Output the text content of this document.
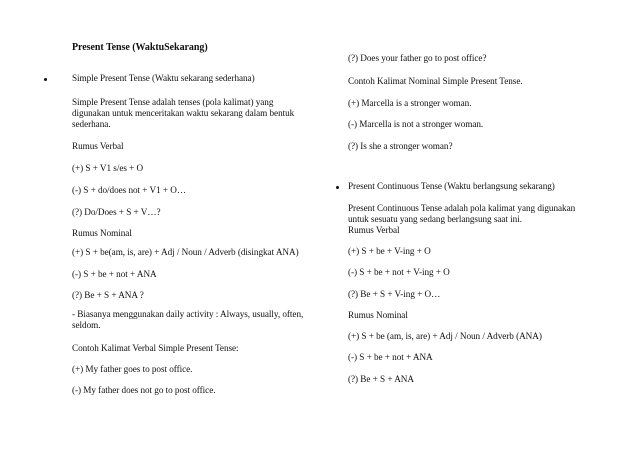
Present Tense (WaktuSekarang)
Simple Present Tense (Waktu sekarang sederhana)
Simple Present Tense adalah tenses (pola kalimat) yang digunakan untuk menceritakan waktu sekarang dalam bentuk sederhana.
Rumus Verbal
(+) S + V1 s/es + O
(-) S + do/does not + V1 + O…
(?) Do/Does + S + V…?
Rumus Nominal
(+) S + be(am, is, are) + Adj / Noun / Adverb (disingkat ANA)
(-) S + be + not + ANA
(?) Be + S + ANA ?
- Biasanya menggunakan daily activity : Always, usually, often, seldom.
Contoh Kalimat Verbal Simple Present Tense:
(+) My father goes to post office.
(-) My father does not go to post office.
(?) Does your father go to post office?
Contoh Kalimat Nominal Simple Present Tense.
(+) Marcella is a stronger woman.
(-) Marcella is not a stronger woman.
(?) Is she a stronger woman?
Present Continuous Tense (Waktu berlangsung sekarang)
Present Continuous Tense adalah pola kalimat yang digunakan untuk sesuatu yang sedang berlangsung saat ini.
Rumus Verbal
(+) S + be + V-ing + O
(-) S + be + not + V-ing + O
(?) Be + S + V-ing + O…
Rumus Nominal
(+) S + be (am, is, are) + Adj / Noun / Adverb (ANA)
(-) S + be + not + ANA
(?) Be + S + ANA
